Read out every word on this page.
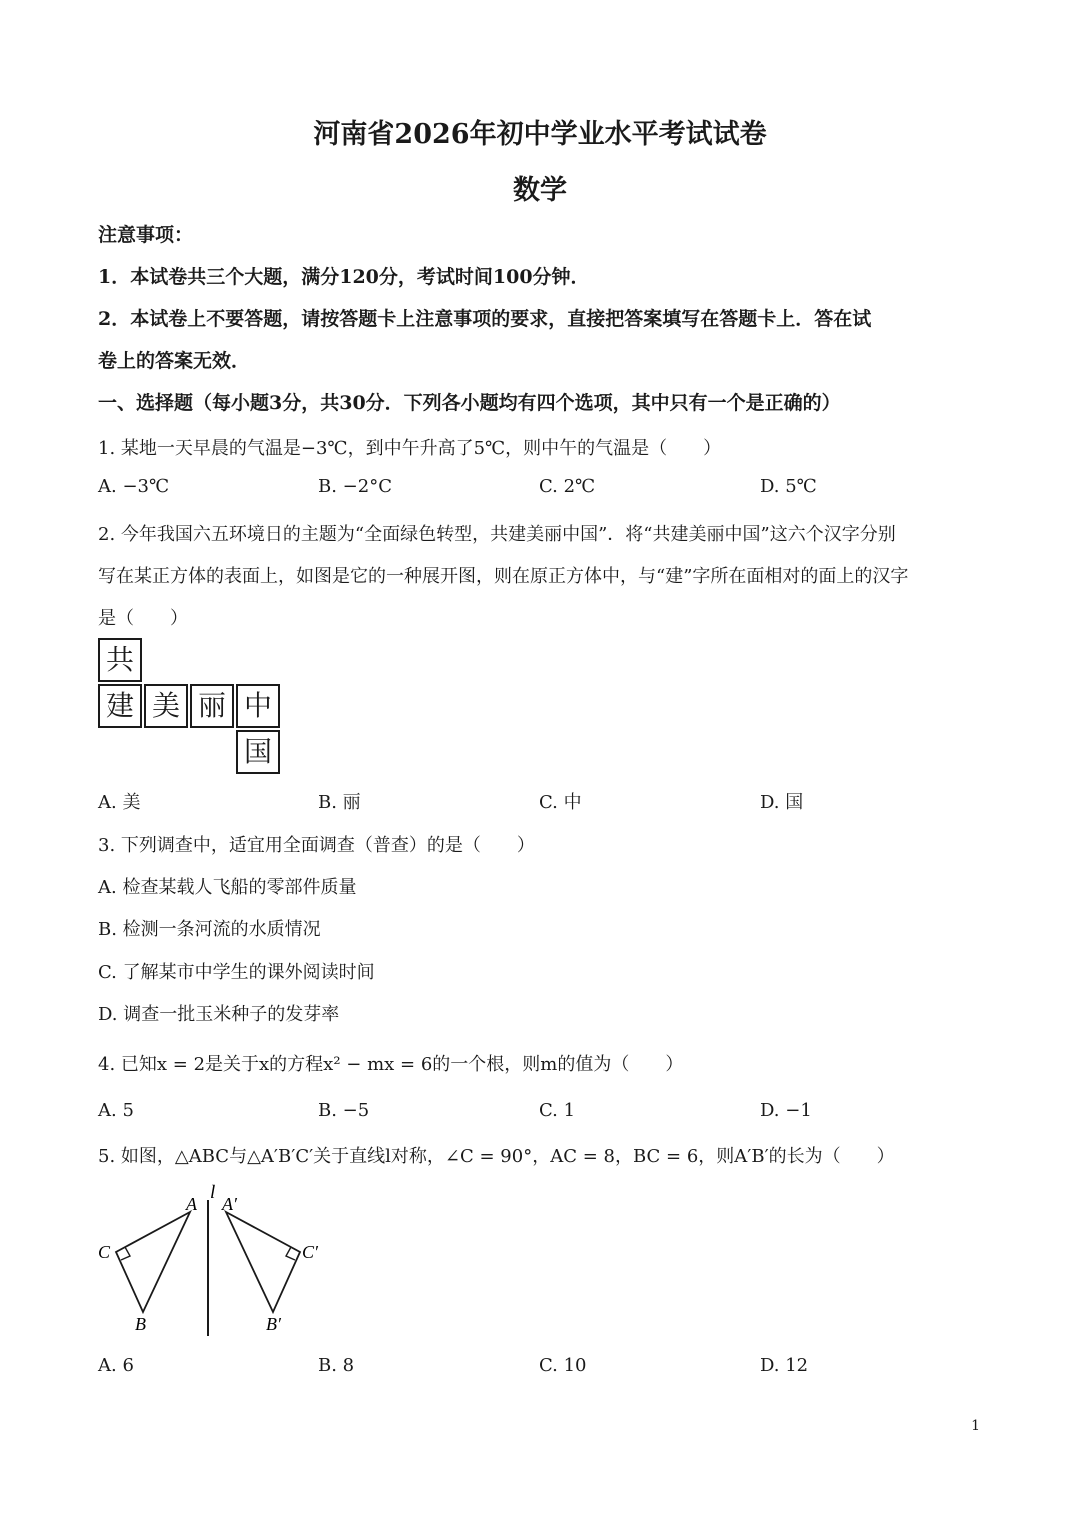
河南省2026年初中学业水平考试试卷
数学
注意事项：
1．本试卷共三个大题，满分120分，考试时间100分钟．
2．本试卷上不要答题，请按答题卡上注意事项的要求，直接把答案填写在答题卡上．答在试
卷上的答案无效．
一、选择题（每小题3分，共30分．下列各小题均有四个选项，其中只有一个是正确的）
1. 某地一天早晨的气温是−3℃，到中午升高了5℃，则中午的气温是（　　）
A. −3℃	B. −2°C	C. 2℃	D. 5℃
2. 今年我国六五环境日的主题为“全面绿色转型，共建美丽中国”．将“共建美丽中国”这六个汉字分别
写在某正方体的表面上，如图是它的一种展开图，则在原正方体中，与“建”字所在面相对的面上的汉字
是（　　）
共
建 美 丽 中
国
A. 美	B. 丽	C. 中	D. 国
3. 下列调查中，适宜用全面调查（普查）的是（　　）
A. 检查某载人飞船的零部件质量
B. 检测一条河流的水质情况
C. 了解某市中学生的课外阅读时间
D. 调查一批玉米种子的发芽率
4. 已知x = 2是关于x的方程x² − mx = 6的一个根，则m的值为（　　）
A. 5	B. −5	C. 1	D. −1
5. 如图，△ABC与△A′B′C′关于直线l对称，∠C = 90°，AC = 8，BC = 6，则A′B′的长为（　　）
l
A
C
B
A′
C′
B′
A. 6	B. 8	C. 10	D. 12
1
